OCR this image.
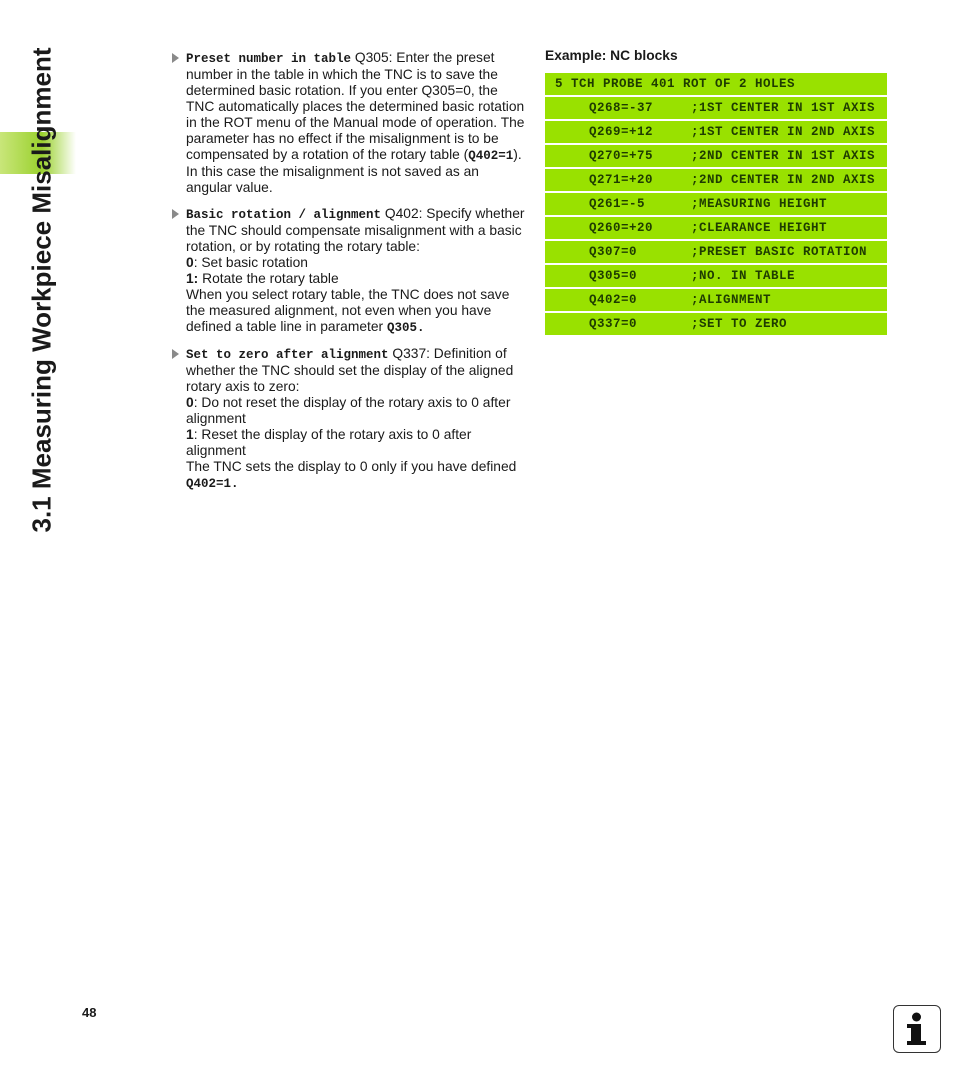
3.1 Measuring Workpiece Misalignment	Preset number in table Q305: Enter the preset number in the table in which the TNC is to save the determined basic rotation. If you enter Q305=0, the TNC automatically places the determined basic rotation in the ROT menu of the Manual mode of operation. The parameter has no effect if the misalignment is to be compensated by a rotation of the rotary table (Q402=1). In this case the misalignment is not saved as an angular value.
Basic rotation / alignment Q402: Specify whether the TNC should compensate misalignment with a basic rotation, or by rotating the rotary table:
0: Set basic rotation
1: Rotate the rotary table
When you select rotary table, the TNC does not save the measured alignment, not even when you have defined a table line in parameter Q305.
Set to zero after alignment Q337: Definition of whether the TNC should set the display of the aligned rotary axis to zero:
0: Do not reset the display of the rotary axis to 0 after alignment
1: Reset the display of the rotary axis to 0 after alignment
The TNC sets the display to 0 only if you have defined Q402=1.
Example: NC blocks
5 TCH PROBE 401 ROT OF 2 HOLES
Q268=-37	;1ST CENTER IN 1ST AXIS
Q269=+12	;1ST CENTER IN 2ND AXIS
Q270=+75	;2ND CENTER IN 1ST AXIS
Q271=+20	;2ND CENTER IN 2ND AXIS
Q261=-5	;MEASURING HEIGHT
Q260=+20	;CLEARANCE HEIGHT
Q307=0	;PRESET BASIC ROTATION
Q305=0	;NO. IN TABLE
Q402=0	;ALIGNMENT
Q337=0	;SET TO ZERO
48
